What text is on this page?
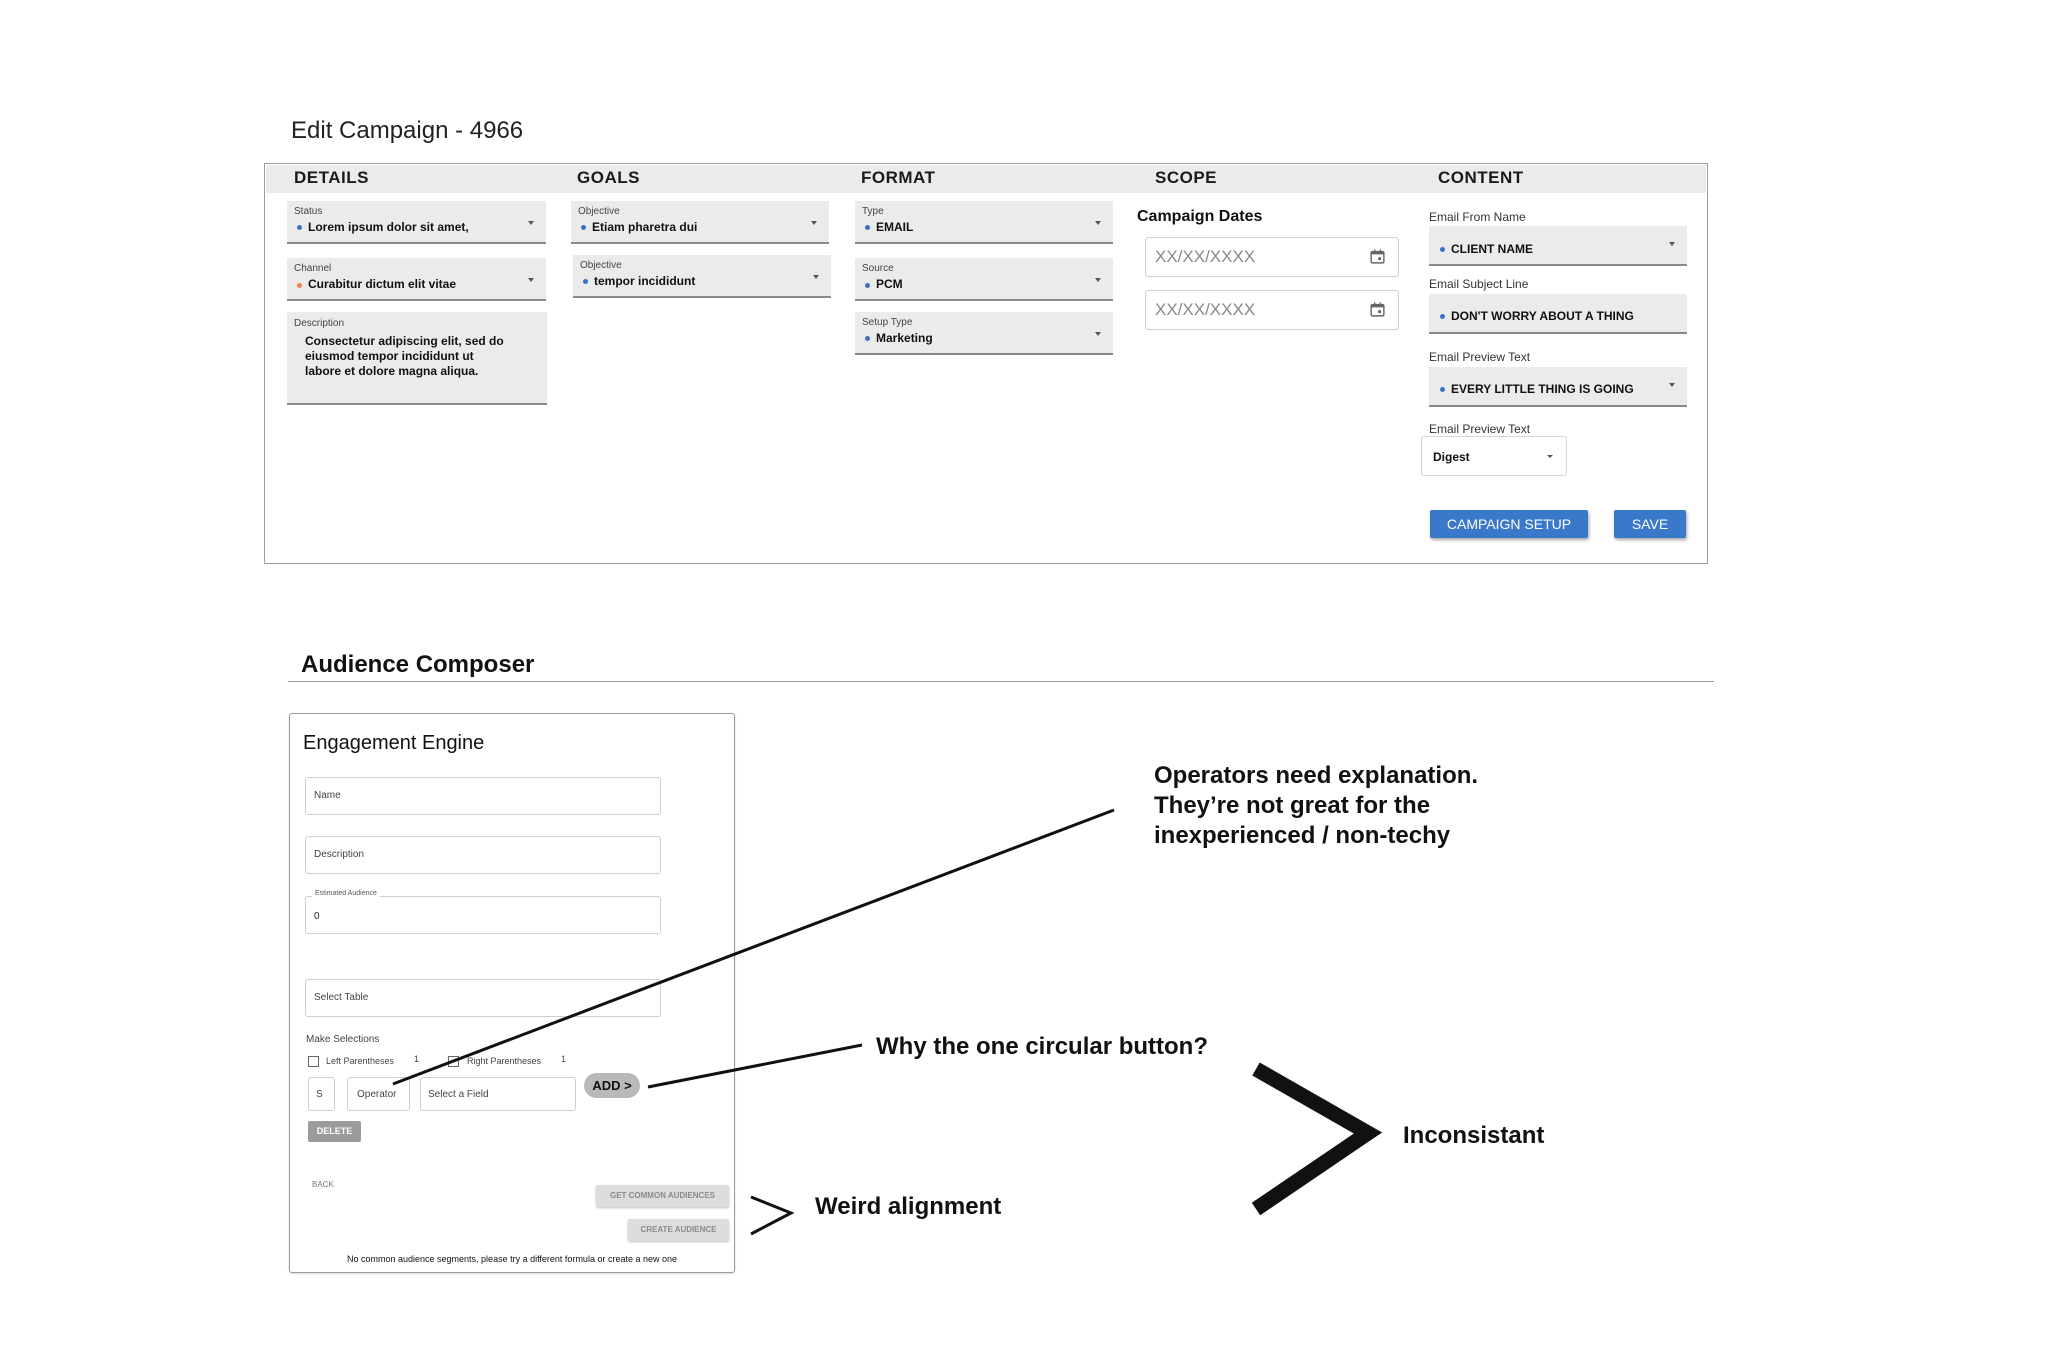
Edit Campaign - 4966
DETAILS	GOALS	FORMAT	SCOPE	CONTENT
Status
Lorem ipsum dolor sit amet,
Channel
Curabitur dictum elit vitae
Description
Consectetur adipiscing elit, sed do eiusmod tempor incididunt ut labore et dolore magna aliqua.
Objective
Etiam pharetra dui
Objective
tempor incididunt
Type
EMAIL
Source
PCM
Setup Type
Marketing
Campaign Dates
XX/XX/XXXX
XX/XX/XXXX
Email From Name
CLIENT NAME
Email Subject Line
DON'T WORRY ABOUT A THING
Email Preview Text
EVERY LITTLE THING IS GOING
Email Preview Text
Digest
CAMPAIGN SETUP	SAVE
Audience Composer
Engagement Engine
Name
Description
0
Estimated Audience
Select Table
Make Selections
Left Parentheses 1	Right Parentheses 1
S	Operator	Select a Field
ADD >
DELETE
BACK
GET COMMON AUDIENCES
CREATE AUDIENCE
No common audience segments, please try a different formula or create a new one
Operators need explanation.
They’re not great for the
inexperienced / non-techy
Why the one circular button?
Inconsistant
Weird alignment
